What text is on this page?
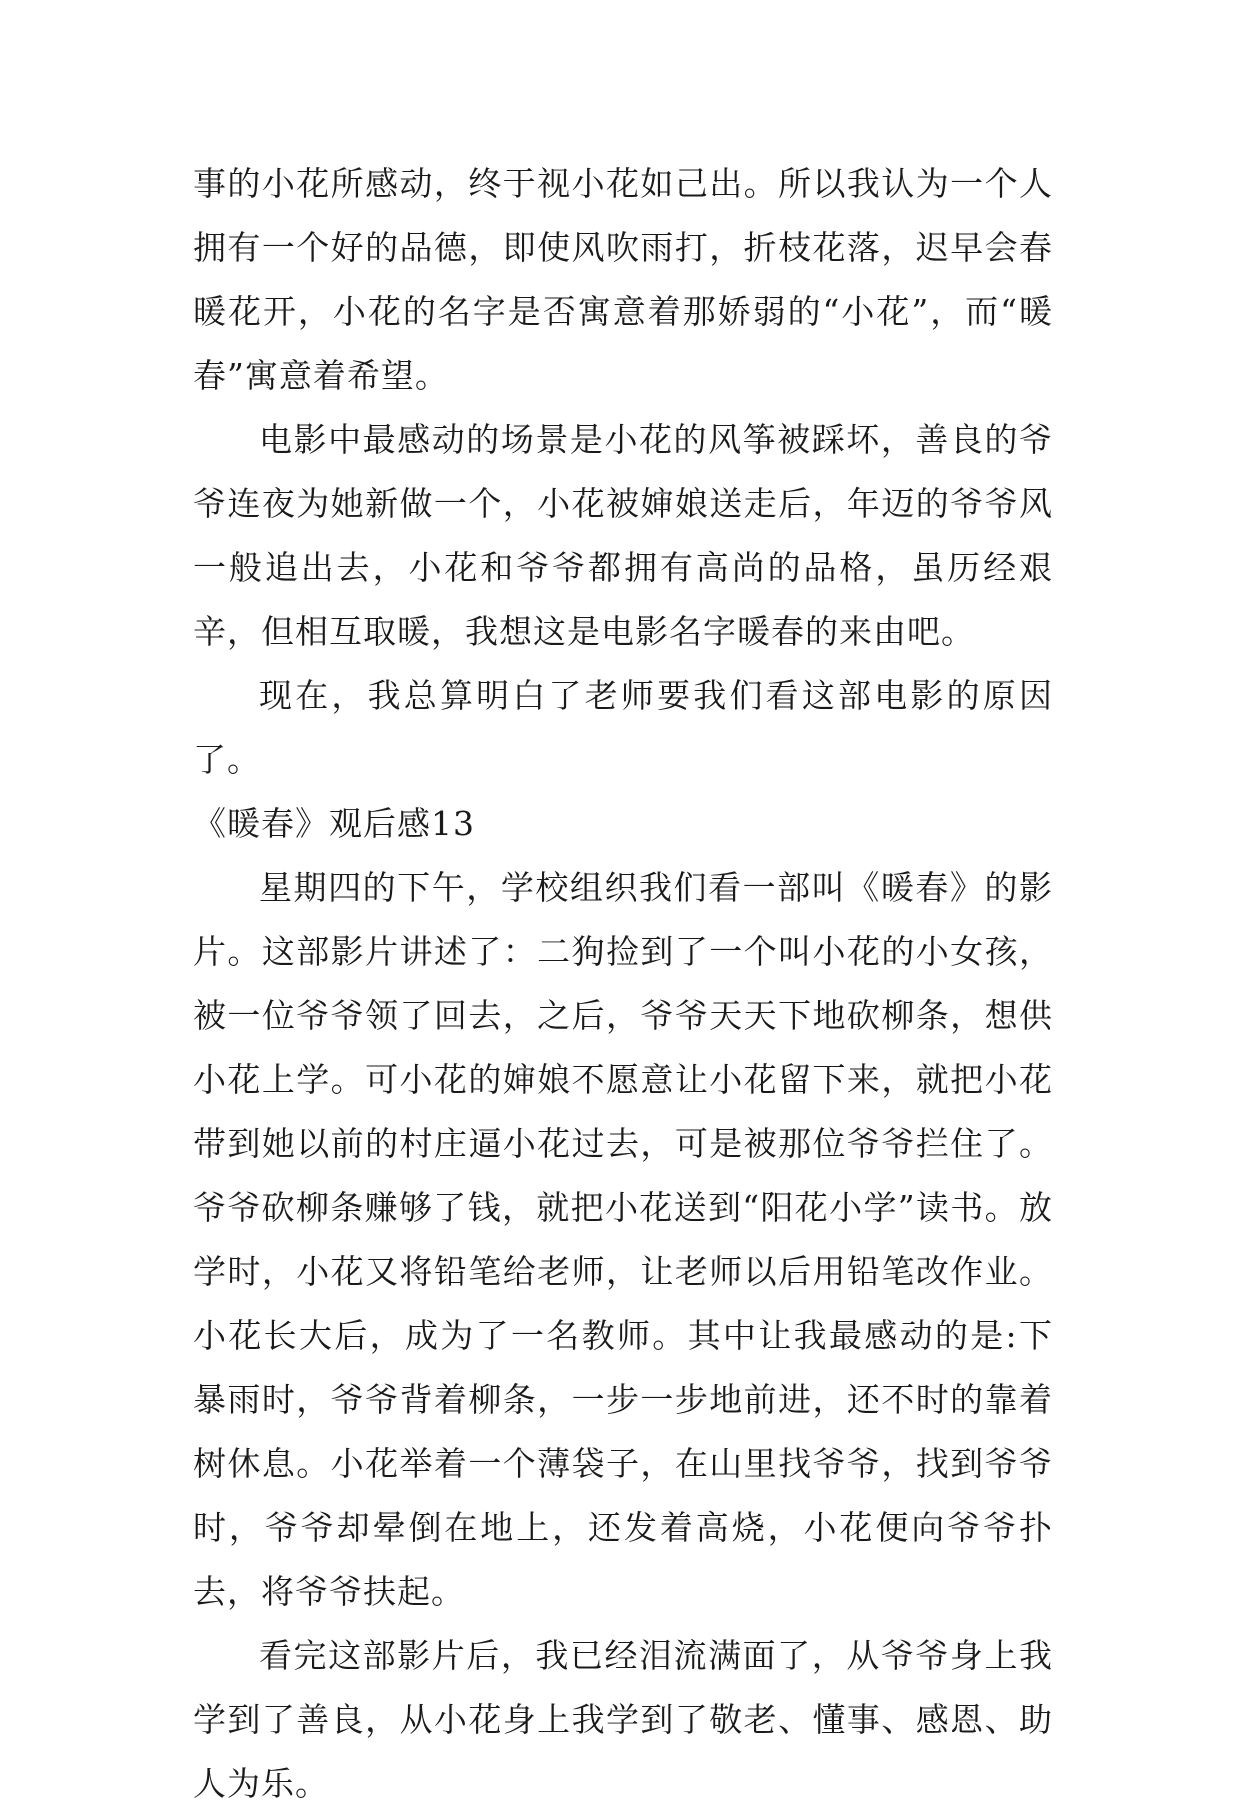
事的小花所感动，终于视小花如己出。所以我认为一个人拥有一个好的品德，即使风吹雨打，折枝花落，迟早会春暖花开，小花的名字是否寓意着那娇弱的“小花”，而“暖春”寓意着希望。

电影中最感动的场景是小花的风筝被踩坏，善良的爷爷连夜为她新做一个，小花被婶娘送走后，年迈的爷爷风一般追出去，小花和爷爷都拥有高尚的品格，虽历经艰辛，但相互取暖，我想这是电影名字暖春的来由吧。

现在，我总算明白了老师要我们看这部电影的原因了。

《暖春》观后感13

星期四的下午，学校组织我们看一部叫《暖春》的影片。这部影片讲述了：二狗捡到了一个叫小花的小女孩，被一位爷爷领了回去，之后，爷爷天天下地砍柳条，想供小花上学。可小花的婶娘不愿意让小花留下来，就把小花带到她以前的村庄逼小花过去，可是被那位爷爷拦住了。爷爷砍柳条赚够了钱，就把小花送到“阳花小学”读书。放学时，小花又将铅笔给老师，让老师以后用铅笔改作业。小花长大后，成为了一名教师。其中让我最感动的是:下暴雨时，爷爷背着柳条，一步一步地前进，还不时的靠着树休息。小花举着一个薄袋子，在山里找爷爷，找到爷爷时，爷爷却晕倒在地上，还发着高烧，小花便向爷爷扑去，将爷爷扶起。

看完这部影片后，我已经泪流满面了，从爷爷身上我学到了善良，从小花身上我学到了敬老、懂事、感恩、助人为乐。
